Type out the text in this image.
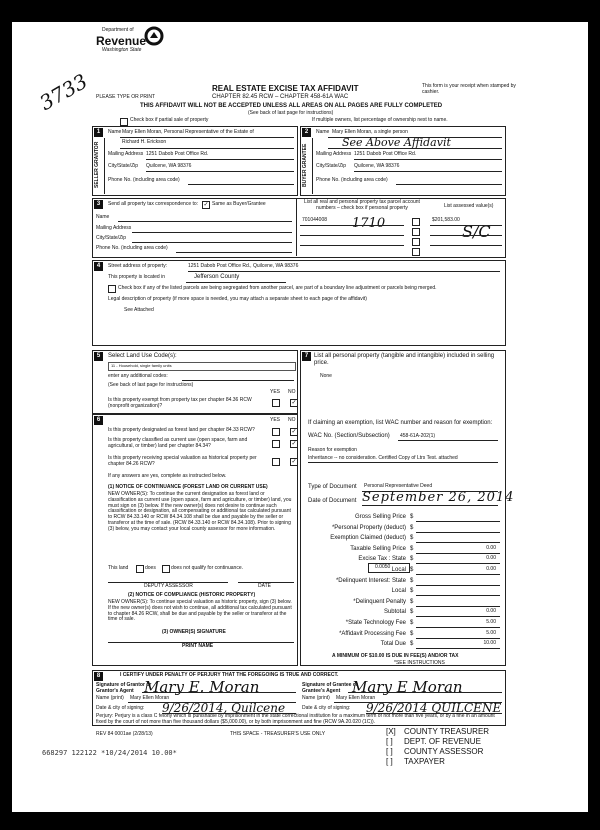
3733
Department of
Revenue
Washington State
PLEASE TYPE OR PRINT
REAL ESTATE EXCISE TAX AFFIDAVIT
CHAPTER 82.45 RCW – CHAPTER 458-61A WAC
This form is your receipt when stamped by cashier.
THIS AFFIDAVIT WILL NOT BE ACCEPTED UNLESS ALL AREAS ON ALL PAGES ARE FULLY COMPLETED
(See back of last page for instructions)
Check box if partial sale of property	If multiple owners, list percentage of ownership next to name.
1
SELLER GRANTOR
Name Mary Ellen Moran, Personal Representative of the Estate of
Richard H. Erickson
Mailing Address 1251 Dabob Post Office Rd.
City/State/Zip Quilcene, WA 98376
Phone No. (including area code)
2
BUYER GRANTEE
Name Mary Ellen Moran, a single person
See Above Affidavit
Mailing Address 1251 Dabob Post Office Rd.
City/State/Zip Quilcene, WA 98376
Phone No. (including area code)
3	Send all property tax correspondence to: ✓ Same as Buyer/Grantee
Name
Mailing Address
City/State/Zip
Phone No. (including area code)
List all real and personal property tax parcel account numbers – check box if personal property
701044008 1710
List assessed value(s)
$201,583.00
S/C
4	Street address of property:	1251 Dabob Post Office Rd., Quilcene, WA 98376
This property is located in	Jefferson County
Check box if any of the listed parcels are being segregated from another parcel, are part of a boundary line adjustment or parcels being merged.
Legal description of property (if more space is needed, you may attach a separate sheet to each page of the affidavit)
See Attached
5	Select Land Use Code(s):
11 - Household, single family units
enter any additional codes:
(See back of last page for instructions)
YES NO
Is this property exempt from property tax per chapter 84.36 RCW (nonprofit organization)?	✓
6	YES NO
Is this property designated as forest land per chapter 84.33 RCW?	✓
Is this property classified as current use (open space, farm and agricultural, or timber) land per chapter 84.34?	✓
Is this property receiving special valuation as historical property per chapter 84.26 RCW?	✓
If any answers are yes, complete as instructed below.
(1) NOTICE OF CONTINUANCE (FOREST LAND OR CURRENT USE)
NEW OWNER(S): To continue the current designation as forest land or classification as current use (open space, farm and agriculture, or timber) land, you must sign on (3) below. If the new owner(s) does not desire to continue such classification or designation, all compensating or additional tax calculated pursuant to RCW 84.33.140 or RCW 84.34.108 shall be due and payable by the seller or transferor at the time of sale. (RCW 84.33.140 or RCW 84.34.108). Prior to signing (3) below, you may contact your local county assessor for more information.
This land	does	does not qualify for continuance.
DEPUTY ASSESSOR	DATE
(2) NOTICE OF COMPLIANCE (HISTORIC PROPERTY)
NEW OWNER(S): To continue special valuation as historic property, sign (3) below. If the new owner(s) does not wish to continue, all additional tax calculated pursuant to chapter 84.26 RCW, shall be due and payable by the seller or transferor at the time of sale.
(3) OWNER(S) SIGNATURE
PRINT NAME
7 List all personal property (tangible and intangible) included in selling price.
None
If claiming an exemption, list WAC number and reason for exemption:
WAC No. (Section/Subsection) 458-61A-202(1)
Reason for exemption
Inheritance -- no consideration. Certified Copy of Ltrs Test. attached
Type of Document Personal Representative Deed
Date of Document September 26, 2014
Gross Selling Price $
*Personal Property (deduct) $
Exemption Claimed (deduct) $
Taxable Selling Price $	0.00
Excise Tax : State $	0.00
Local $	0.00
*Delinquent Interest: State $
Local $
*Delinquent Penalty $
Subtotal $	0.00
*State Technology Fee $	5.00
*Affidavit Processing Fee $	5.00
Total Due $	10.00
0.0050
A MINIMUM OF $10.00 IS DUE IN FEE(S) AND/OR TAX
*SEE INSTRUCTIONS
8	I CERTIFY UNDER PENALTY OF PERJURY THAT THE FOREGOING IS TRUE AND CORRECT.
Signature of Grantor or Grantor's Agent Mary E. Moran	Signature of Grantee or Grantee's Agent Mary E Moran
Name (print) Mary Ellen Moran	Name (print) Mary Ellen Moran
Date & city of signing: 9/26/2014, Quilcene	Date & city of signing: 9/26/2014 QUILCENE
Perjury: Perjury is a class C felony which is punishable by imprisonment in the state correctional institution for a maximum term of not more than five years, or by a fine in an amount fixed by the court of not more than five thousand dollars ($5,000.00), or by both imprisonment and fine (RCW 9A.20.020 (1C)).
REV 84 0001ae (2/28/13)	THIS SPACE - TREASURER'S USE ONLY
668297 122122 *10/24/2014 10.00*
[X] COUNTY TREASURER
[ ] DEPT. OF REVENUE
[ ] COUNTY ASSESSOR
[ ] TAXPAYER
